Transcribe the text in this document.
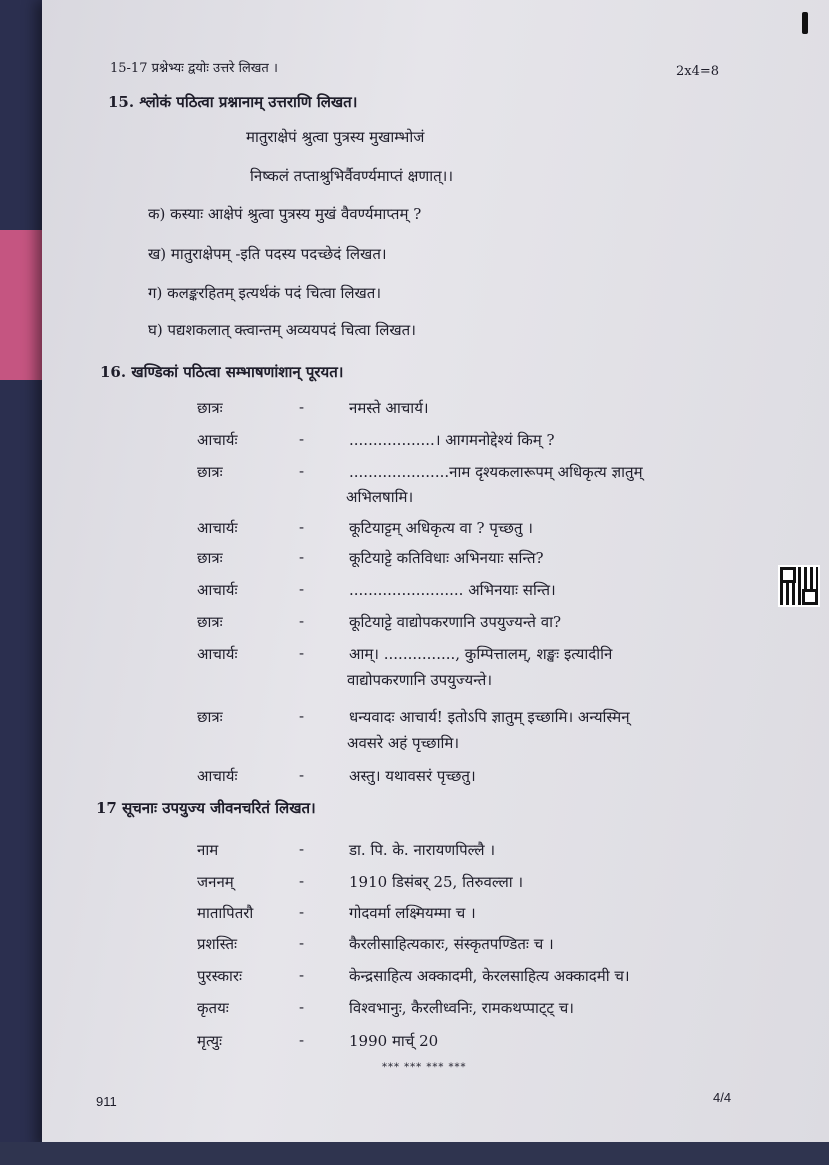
15-17 प्रश्नेभ्यः द्वयोः उत्तरे लिखत ।	2x4=8
15. श्लोकं पठित्वा प्रश्नानाम् उत्तराणि लिखत।
मातुराक्षेपं श्रुत्वा पुत्रस्य मुखाम्भोजं
निष्कलं तप्ताश्रुभिर्वैवर्ण्यमाप्तं क्षणात्।।
क) कस्याः आक्षेपं श्रुत्वा पुत्रस्य मुखं वैवर्ण्यमाप्तम् ?
ख) मातुराक्षेपम् -इति पदस्य पदच्छेदं लिखत।
ग) कलङ्करहितम् इत्यर्थकं पदं चित्वा लिखत।
घ) पद्यशकलात् क्त्वान्तम् अव्ययपदं चित्वा लिखत।
16. खण्डिकां पठित्वा सम्भाषणांशान् पूरयत।
छात्रः	-	नमस्ते आचार्य।
आचार्यः	-	..................। आगमनोद्देश्यं किम् ?
छात्रः	-	.....................नाम दृश्यकलारूपम् अधिकृत्य ज्ञातुम्
अभिलषामि।
आचार्यः	-	कूटियाट्टम् अधिकृत्य वा ? पृच्छतु ।
छात्रः	-	कूटियाट्टे कतिविधाः अभिनयाः सन्ति?
आचार्यः	-	........................ अभिनयाः सन्ति।
छात्रः	-	कूटियाट्टे वाद्योपकरणानि उपयुज्यन्ते वा?
आचार्यः	-	आम्। ..............., कुम्पित्तालम्, शङ्खः इत्यादीनि
वाद्योपकरणानि उपयुज्यन्ते।
छात्रः	-	धन्यवादः आचार्य! इतोऽपि ज्ञातुम् इच्छामि। अन्यस्मिन्
अवसरे अहं पृच्छामि।
आचार्यः	-	अस्तु। यथावसरं पृच्छतु।
17 सूचनाः उपयुज्य जीवनचरितं लिखत।
नाम	-	डा. पि. के. नारायणपिल्लै ।
जननम्	-	1910 डिसंबर् 25, तिरुवल्ला ।
मातापितरौ	-	गोदवर्मा लक्ष्मियम्मा च ।
प्रशस्तिः	-	कैरलीसाहित्यकारः, संस्कृतपण्डितः च ।
पुरस्कारः	-	केन्द्रसाहित्य अक्कादमी, केरलसाहित्य अक्कादमी च।
कृतयः	-	विश्वभानुः, कैरलीध्वनिः, रामकथप्पाट्ट् च।
मृत्युः	-	1990 मार्च् 20
*** *** *** ***
911	4/4
